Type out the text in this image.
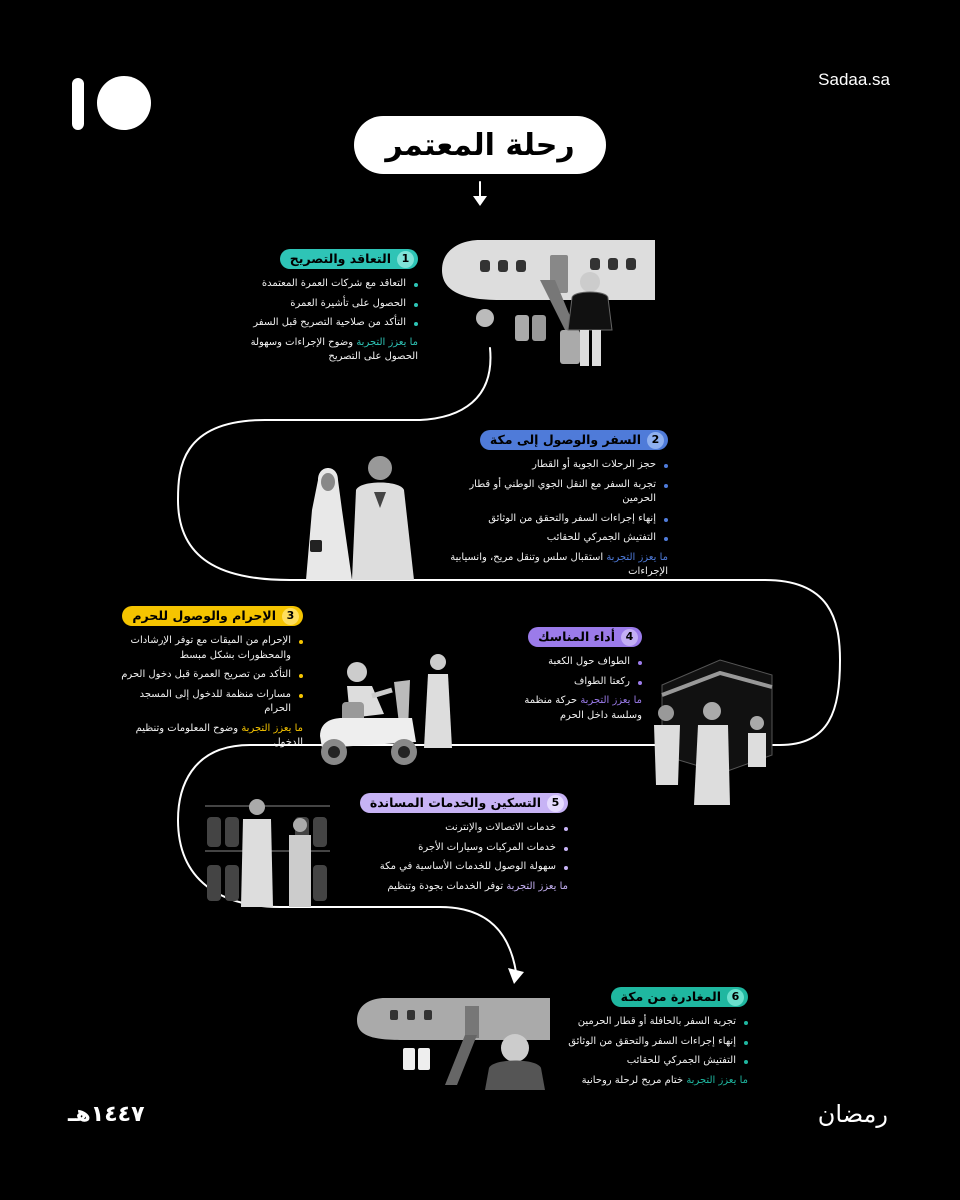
Sadaa.sa
رحلة المعتمر
1
التعاقد والتصريح
التعاقد مع شركات العمرة المعتمدة
الحصول على تأشيرة العمرة
التأكد من صلاحية التصريح قبل السفر
ما يعزز التجربة وضوح الإجراءات وسهولة الحصول على التصريح
2
السفر والوصول إلى مكة
حجز الرحلات الجوية أو القطار
تجربة السفر مع النقل الجوي الوطني أو قطار الحرمين
إنهاء إجراءات السفر والتحقق من الوثائق
التفتيش الجمركي للحقائب
ما يعزز التجربة استقبال سلس وتنقل مريح، وانسيابية الإجراءات
3
الإحرام والوصول للحرم
الإحرام من الميقات مع توفر الإرشادات والمحظورات بشكل مبسط
التأكد من تصريح العمرة قبل دخول الحرم
مسارات منظمة للدخول إلى المسجد الحرام
ما يعزز التجربة وضوح المعلومات وتنظيم الدخول
4
أداء المناسك
الطواف حول الكعبة
ركعتا الطواف
ما يعزز التجربة حركة منظمة وسلسة داخل الحرم
5
التسكين والخدمات المساندة
خدمات الاتصالات والإنترنت
خدمات المركبات وسيارات الأجرة
سهولة الوصول للخدمات الأساسية في مكة
ما يعزز التجربة توفر الخدمات بجودة وتنظيم
6
المغادرة من مكة
تجربة السفر بالحافلة أو قطار الحرمين
إنهاء إجراءات السفر والتحقق من الوثائق
التفتيش الجمركي للحقائب
ما يعزز التجربة ختام مريح لرحلة روحانية
رمضان
١٤٤٧هـ
